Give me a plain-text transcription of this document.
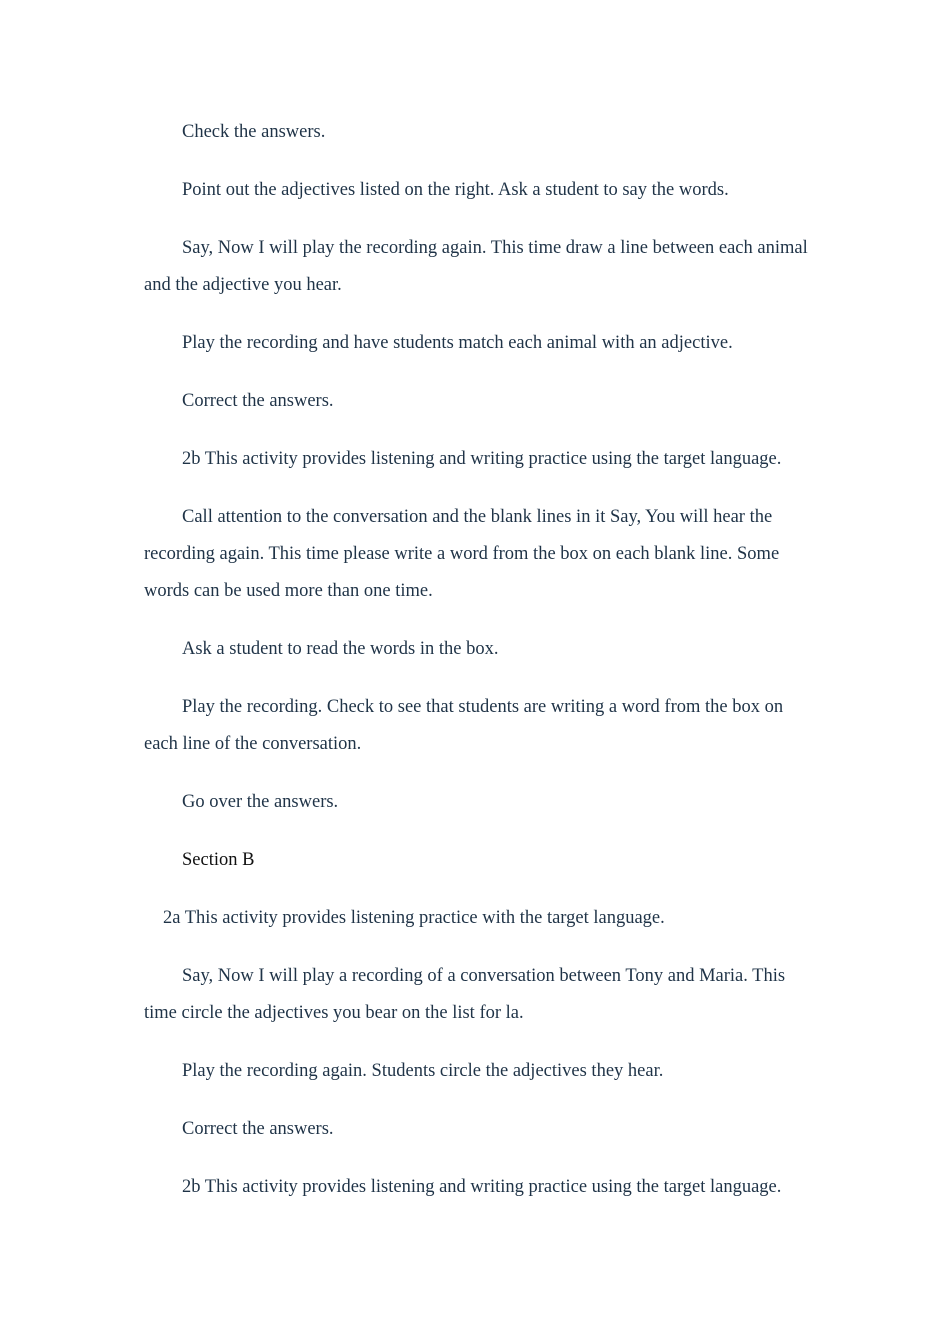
Check the answers.

Point out the adjectives listed on the right. Ask a student to say the words.

Say, Now I will play the recording again. This time draw a line between each animal and the adjective you hear.

Play the recording and have students match each animal with an adjective.

Correct the answers.

2b This activity provides listening and writing practice using the target language.

Call attention to the conversation and the blank lines in it Say, You will hear the recording again. This time please write a word from the box on each blank line. Some words can be used more than one time.

Ask a student to read the words in the box.

Play the recording. Check to see that students are writing a word from the box on each line of the conversation.

Go over the answers.

Section B

2a This activity provides listening practice with the target language.

Say, Now I will play a recording of a conversation between Tony and Maria. This time circle the adjectives you bear on the list for la.

Play the recording again. Students circle the adjectives they hear.

Correct the answers.

2b This activity provides listening and writing practice using the target language.
